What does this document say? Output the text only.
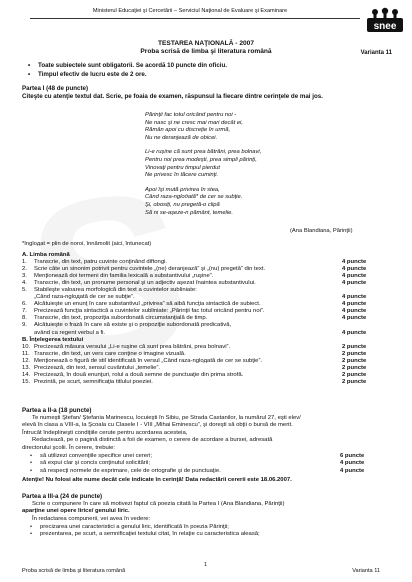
Ministerul Educaţiei şi Cercetării – Serviciul Naţional de Evaluare şi Examinare
snee
TESTAREA NAŢIONALĂ - 2007
Proba scrisă de limba şi literatura română	Varianta 11
•	Toate subiectele sunt obligatorii. Se acordă 10 puncte din oficiu.
•	Timpul efectiv de lucru este de 2 ore.
Partea I (48 de puncte)
Citeşte cu atenţie textul dat. Scrie, pe foaia de examen, răspunsul la fiecare dintre cerinţele de mai jos.
Părinţii fac totul oricând pentru noi -
Ne nasc şi ne cresc mai mari decât ei,
Rămân apoi cu discreţie în urmă,
Nu ne deranjează de obicei.
Li-e ruşine că sunt prea bătrâni, prea bolnavi,
Pentru noi prea modeşti, prea simpli părinţi,
Vinovaţi pentru timpul pierdut
Ne privesc în tăcere cuminţi.
Apoi îşi mută privirea în stea,
Când raza-ngloдată* de cer se subţie.
Şi, obosiţi, nu pregetă-o clipă
Să ni se-aşeze-n pământ, temelie.
(Ana Blandiana, Părinţii)
*Ingloдat = plin de noroi, înnămolit (aici, întunecat)
A. Limba română
1.	Transcrie, din text, patru cuvinte conţinând diftongi.	4 puncte
2.	Scrie câte un sinonim potrivit pentru cuvintele „(ne) deranjează” şi „(nu) pregetă” din text.	4 puncte
3.	Menţionează doi termeni din familia lexicală a substantivului „ruşine”.	4 puncte
4.	Transcrie, din text, un pronume personal şi un adjectiv aşezat înaintea substantivului.	4 puncte
5.	Stabileşte valoarea morfologică din text a cuvintelor subliniate:
„Când raza-ngloдată de cer se subţie”.	4 puncte
6.	Alcătuieşte un enunţ în care substantivul „privirea” să aibă funcţia sintactică de subiect.	4 puncte
7.	Precizează funcţia sintactică a cuvintelor subliniate: „Părinţii fac totul oricând pentru noi”.	4 puncte
8.	Transcrie, din text, propoziţia subordonată circumstanţială de timp.	4 puncte
9.	Alcătuieşte o frază în care să existe şi o propoziţie subordonată predicativă,
având ca regent verbul a fi.	4 puncte
B. Înţelegerea textului
10. Precizează măsura versului „Li-e ruşine că sunt prea bătrâni, prea bolnavi”.	2 puncte
11. Transcrie, din text, un vers care conţine o imagine vizuală.	2 puncte
12. Menţionează o figură de stil identificată în versul „Când raza-ngloдată de cer se subţie”.	2 puncte
13. Precizează, din text, sensul cuvântului „temelie”.	2 puncte
14. Precizează, în două enunţuri, rolul a două semne de punctuaţie din prima strofă.	2 puncte
15. Prezintă, pe scurt, semnificaţia titlului poeziei.	2 puncte
Partea a II-a (18 puncte)
Te numeşti Ştefan/ Ştefania Marinescu, locuieşti în Sibiu, pe Strada Castanilor, la numărul 27, eşti elev/
elevă în clasa a VIII-a, la Şcoala cu Clasele I - VIII „Mihai Eminescu”, şi doreşti să obţii o bursă de merit.
Întrucât îndeplineşti condiţiile cerute pentru acordarea acesteia,
Redactează, pe o pagină distinctă a foii de examen, o cerere de acordare a bursei, adresată
directorului şcolii. În cerere, trebuie:
•	să utilizezi convenţiile specifice unei cereri;	6 puncte
•	să expui clar şi concis conţinutul solicitării;	4 puncte
•	să respecţi normele de exprimare, cele de ortografie şi de punctuaţie.	4 puncte
Atenţie! Nu folosi alte nume decât cele indicate în cerinţă! Data redactării cererii este 18.06.2007.
Partea a III-a (24 de puncte)
Scrie o compunere în care să motivezi faptul că poezia citată la Partea I (Ana Blandiana, Părinţii)
aparţine unei opere lirice/ genului liric.
În redactarea compunerii, vei avea în vedere:
•	precizarea unei caracteristici a genului liric, identificată în poezia Părinţii;
•	prezentarea, pe scurt, a semnificaţiei textului citat, în relaţie cu caracteristica aleasă;
1
Proba scrisă de limba şi literatura română	Varianta 11
